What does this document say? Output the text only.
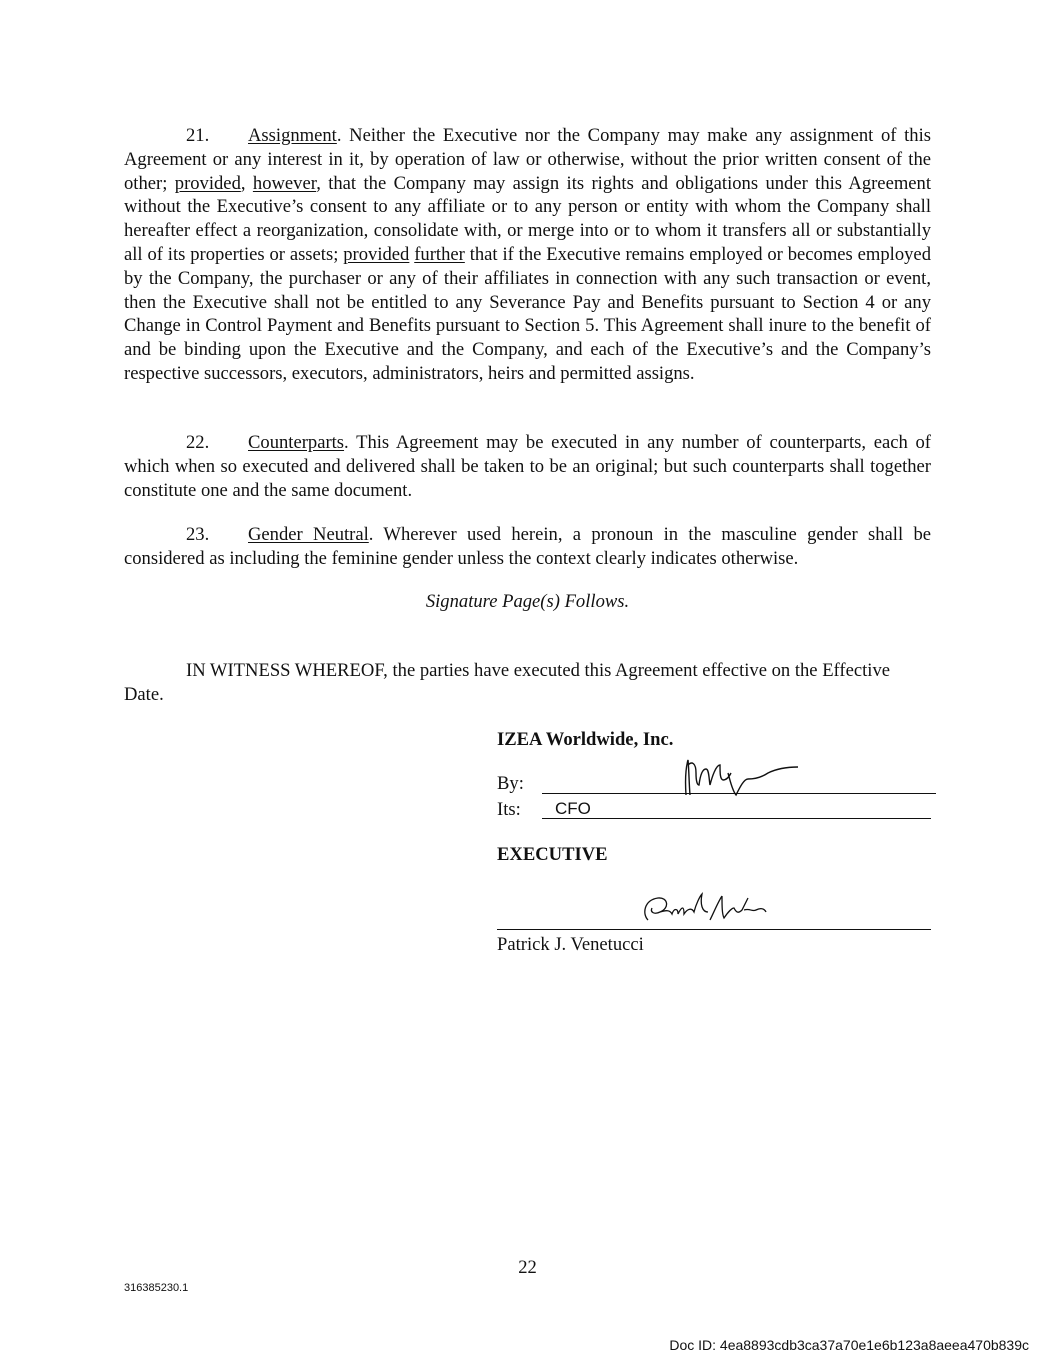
21. Assignment. Neither the Executive nor the Company may make any assignment of this Agreement or any interest in it, by operation of law or otherwise, without the prior written consent of the other; provided, however, that the Company may assign its rights and obligations under this Agreement without the Executive’s consent to any affiliate or to any person or entity with whom the Company shall hereafter effect a reorganization, consolidate with, or merge into or to whom it transfers all or substantially all of its properties or assets; provided further that if the Executive remains employed or becomes employed by the Company, the purchaser or any of their affiliates in connection with any such transaction or event, then the Executive shall not be entitled to any Severance Pay and Benefits pursuant to Section 4 or any Change in Control Payment and Benefits pursuant to Section 5. This Agreement shall inure to the benefit of and be binding upon the Executive and the Company, and each of the Executive’s and the Company’s respective successors, executors, administrators, heirs and permitted assigns.

22. Counterparts. This Agreement may be executed in any number of counterparts, each of which when so executed and delivered shall be taken to be an original; but such counterparts shall together constitute one and the same document.

23. Gender Neutral. Wherever used herein, a pronoun in the masculine gender shall be considered as including the feminine gender unless the context clearly indicates otherwise.

Signature Page(s) Follows.

IN WITNESS WHEREOF, the parties have executed this Agreement effective on the Effective Date.

IZEA Worldwide, Inc.
By:
Its: CFO
EXECUTIVE
Patrick J. Venetucci
22
316385230.1
Doc ID: 4ea8893cdb3ca37a70e1e6b123a8aeea470b839c
